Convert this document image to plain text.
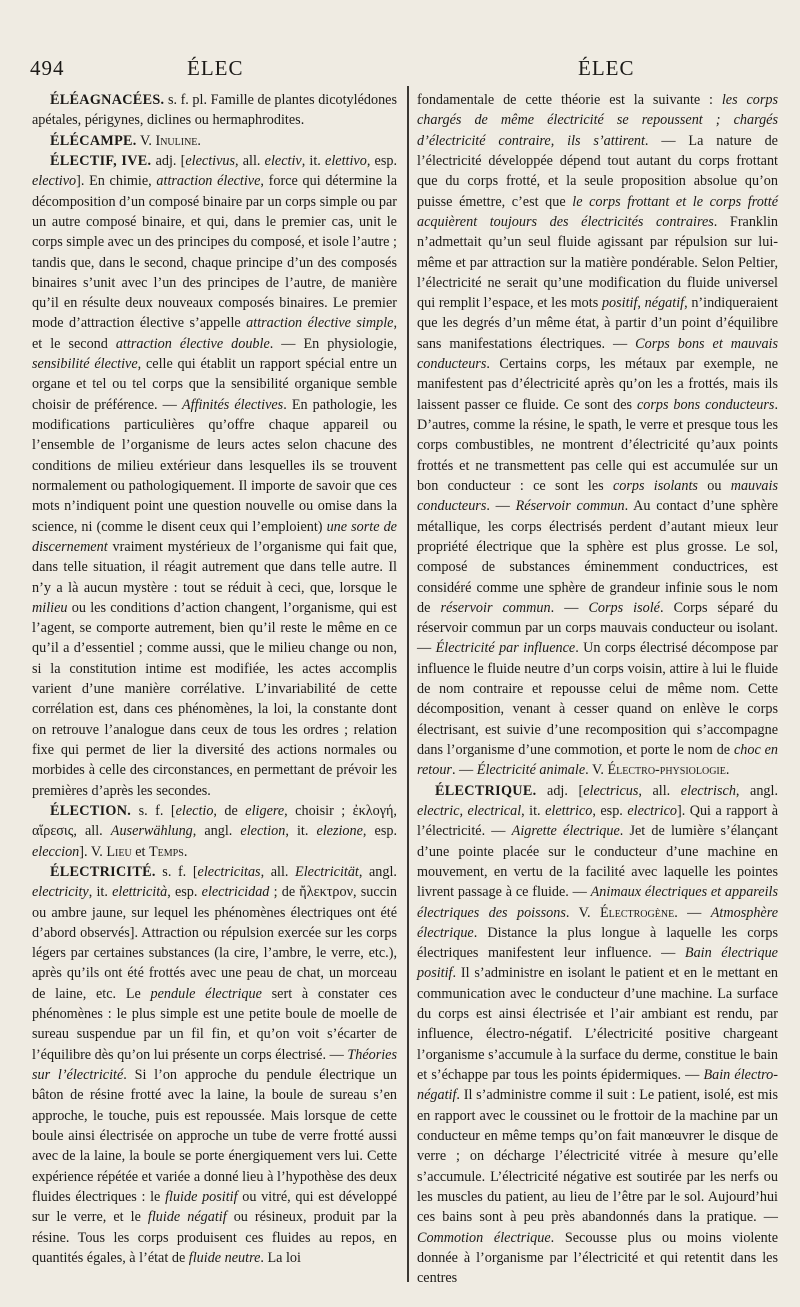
494	ÉLEC	ÉLEC

ÉLÉAGNACÉES. s. f. pl. Famille de plantes dicotylédones apétales, périgynes, diclines ou hermaphrodites.

ÉLÉCAMPE. V. Inuline.

ÉLECTIF, IVE. adj. [electivus, all. electiv, it. elettivo, esp. electivo]. En chimie, attraction élective, force qui détermine la décomposition d’un composé binaire par un corps simple ou par un autre composé binaire, et qui, dans le premier cas, unit le corps simple avec un des principes du composé, et isole l’autre ; tandis que, dans le second, chaque principe d’un des composés binaires s’unit avec l’un des principes de l’autre, de manière qu’il en résulte deux nouveaux composés binaires. Le premier mode d’attraction élective s’appelle attraction élective simple, et le second attraction élective double. — En physiologie, sensibilité élective, celle qui établit un rapport spécial entre un organe et tel ou tel corps que la sensibilité organique semble choisir de préférence. — Affinités électives. En pathologie, les modifications particulières qu’offre chaque appareil ou l’ensemble de l’organisme de leurs actes selon chacune des conditions de milieu extérieur dans lesquelles ils se trouvent normalement ou pathologiquement. Il importe de savoir que ces mots n’indiquent point une question nouvelle ou omise dans la science, ni (comme le disent ceux qui l’emploient) une sorte de discernement vraiment mystérieux de l’organisme qui fait que, dans telle situation, il réagit autrement que dans telle autre. Il n’y a là aucun mystère : tout se réduit à ceci, que, lorsque le milieu ou les conditions d’action changent, l’organisme, qui est l’agent, se comporte autrement, bien qu’il reste le même en ce qu’il a d’essentiel ; comme aussi, que le milieu change ou non, si la constitution intime est modifiée, les actes accomplis varient d’une manière corrélative. L’invariabilité de cette corrélation est, dans ces phénomènes, la loi, la constante dont on retrouve l’analogue dans ceux de tous les ordres ; relation fixe qui permet de lier la diversité des actions normales ou morbides à celle des circonstances, en permettant de prévoir les premières d’après les secondes.

ÉLECTION. s. f. [electio, de eligere, choisir ; ἐκλογή, αἵρεσις, all. Auserwählung, angl. election, it. elezione, esp. eleccion]. V. Lieu et Temps.

ÉLECTRICITÉ. s. f. [electricitas, all. Electricität, angl. electricity, it. elettricità, esp. electricidad ; de ἤλεκτρον, succin ou ambre jaune, sur lequel les phénomènes électriques ont été d’abord observés]. Attraction ou répulsion exercée sur les corps légers par certaines substances (la cire, l’ambre, le verre, etc.), après qu’ils ont été frottés avec une peau de chat, un morceau de laine, etc. Le pendule électrique sert à constater ces phénomènes : le plus simple est une petite boule de moelle de sureau suspendue par un fil fin, et qu’on voit s’écarter de l’équilibre dès qu’on lui présente un corps électrisé. — Théories sur l’électricité. Si l’on approche du pendule électrique un bâton de résine frotté avec la laine, la boule de sureau s’en approche, le touche, puis est repoussée. Mais lorsque de cette boule ainsi électrisée on approche un tube de verre frotté aussi avec de la laine, la boule se porte énergiquement vers lui. Cette expérience répétée et variée a donné lieu à l’hypothèse des deux fluides électriques : le fluide positif ou vitré, qui est développé sur le verre, et le fluide négatif ou résineux, produit par la résine. Tous les corps produisent ces fluides au repos, en quantités égales, à l’état de fluide neutre. La loi

fondamentale de cette théorie est la suivante : les corps chargés de même électricité se repoussent ; chargés d’électricité contraire, ils s’attirent. — La nature de l’électricité développée dépend tout autant du corps frottant que du corps frotté, et la seule proposition absolue qu’on puisse émettre, c’est que le corps frottant et le corps frotté acquièrent toujours des électricités contraires. Franklin n’admettait qu’un seul fluide agissant par répulsion sur lui-même et par attraction sur la matière pondérable. Selon Peltier, l’électricité ne serait qu’une modification du fluide universel qui remplit l’espace, et les mots positif, négatif, n’indiqueraient que les degrés d’un même état, à partir d’un point d’équilibre sans manifestations électriques. — Corps bons et mauvais conducteurs. Certains corps, les métaux par exemple, ne manifestent pas d’électricité après qu’on les a frottés, mais ils laissent passer ce fluide. Ce sont des corps bons conducteurs. D’autres, comme la résine, le spath, le verre et presque tous les corps combustibles, ne montrent d’électricité qu’aux points frottés et ne transmettent pas celle qui est accumulée sur un bon conducteur : ce sont les corps isolants ou mauvais conducteurs. — Réservoir commun. Au contact d’une sphère métallique, les corps électrisés perdent d’autant mieux leur propriété électrique que la sphère est plus grosse. Le sol, composé de substances éminemment conductrices, est considéré comme une sphère de grandeur infinie sous le nom de réservoir commun. — Corps isolé. Corps séparé du réservoir commun par un corps mauvais conducteur ou isolant. — Électricité par influence. Un corps électrisé décompose par influence le fluide neutre d’un corps voisin, attire à lui le fluide de nom contraire et repousse celui de même nom. Cette décomposition, venant à cesser quand on enlève le corps électrisant, est suivie d’une recomposition qui s’accompagne dans l’organisme d’une commotion, et porte le nom de choc en retour. — Électricité animale. V. Électro-physiologie.

ÉLECTRIQUE. adj. [electricus, all. electrisch, angl. electric, electrical, it. elettrico, esp. electrico]. Qui a rapport à l’électricité. — Aigrette électrique. Jet de lumière s’élançant d’une pointe placée sur le conducteur d’une machine en mouvement, en vertu de la facilité avec laquelle les pointes livrent passage à ce fluide. — Animaux électriques et appareils électriques des poissons. V. Électrogène. — Atmosphère électrique. Distance la plus longue à laquelle les corps électriques manifestent leur influence. — Bain électrique positif. Il s’administre en isolant le patient et en le mettant en communication avec le conducteur d’une machine. La surface du corps est ainsi électrisée et l’air ambiant est rendu, par influence, électro-négatif. L’électricité positive chargeant l’organisme s’accumule à la surface du derme, constitue le bain et s’échappe par tous les points épidermiques. — Bain électro-négatif. Il s’administre comme il suit : Le patient, isolé, est mis en rapport avec le coussinet ou le frottoir de la machine par un conducteur en même temps qu’on fait manœuvrer le disque de verre ; on décharge l’électricité vitrée à mesure qu’elle s’accumule. L’électricité négative est soutirée par les nerfs ou les muscles du patient, au lieu de l’être par le sol. Aujourd’hui ces bains sont à peu près abandonnés dans la pratique. — Commotion électrique. Secousse plus ou moins violente donnée à l’organisme par l’électricité et qui retentit dans les centres
